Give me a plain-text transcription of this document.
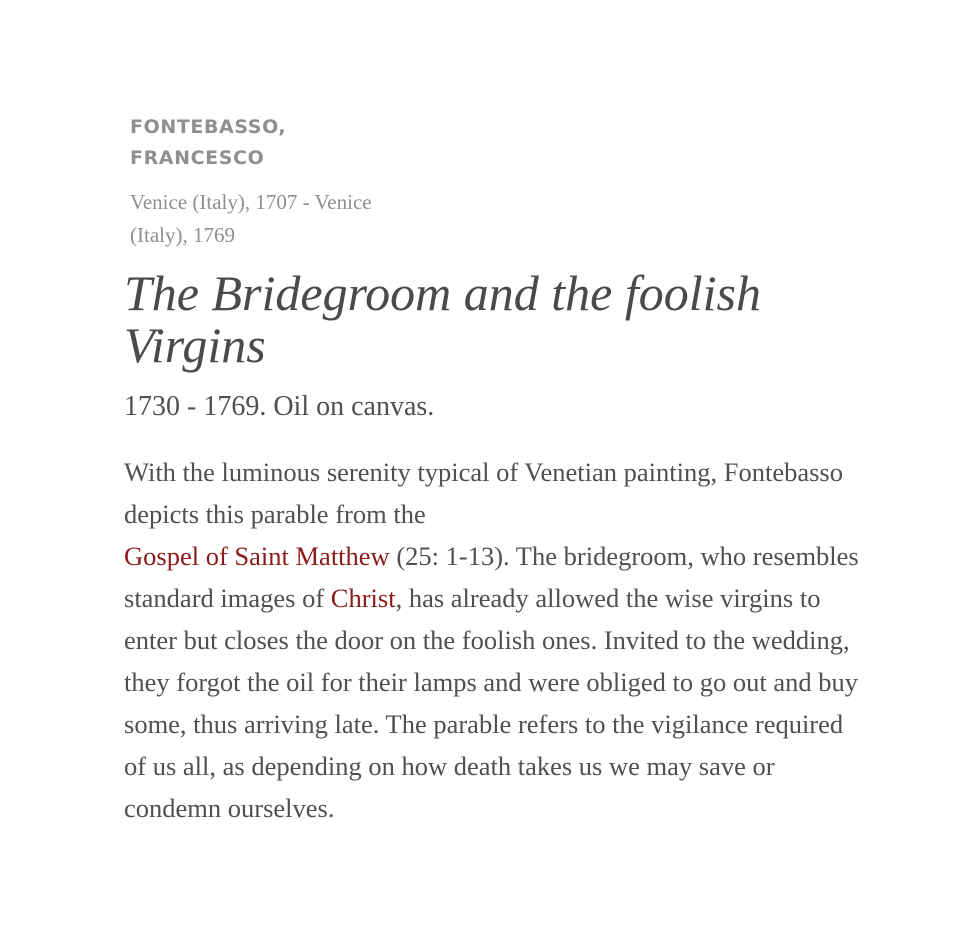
FONTEBASSO,
FRANCESCO
Venice (Italy), 1707 - Venice
(Italy), 1769
The Bridegroom and the foolish
Virgins

1730 - 1769. Oil on canvas.

With the luminous serenity typical of Venetian painting, Fontebasso depicts this parable from the
Gospel of Saint Matthew (25: 1-13). The bridegroom, who resembles standard images of Christ, has already allowed the wise virgins to enter but closes the door on the foolish ones. Invited to the wedding, they forgot the oil for their lamps and were obliged to go out and buy some, thus arriving late. The parable refers to the vigilance required of us all, as depending on how death takes us we may save or condemn ourselves.
